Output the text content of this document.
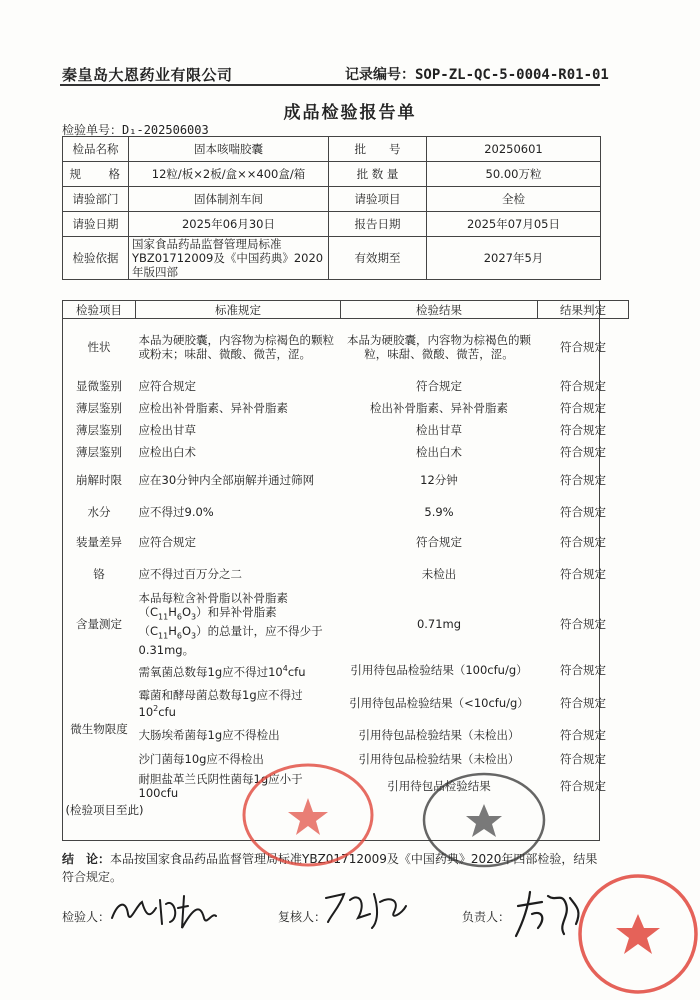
秦皇岛大恩药业有限公司	记录编号：SOP-ZL-QC-5-0004-R01-01
成品检验报告单
检验单号：D₁-202506003
检品名称	固本咳喘胶囊	批　　号	20250601
规　　格	12粒/板×2板/盒××400盒/箱	批 数 量	50.00万粒
请验部门	固体制剂车间	请验项目	全检
请验日期	2025年06月30日	报告日期	2025年07月05日
检验依据	国家食品药品监督管理局标准YBZ01712009及《中国药典》2020年版四部	有效期至	2027年5月
检验项目	标准规定	检验结果	结果判定
性状	本品为硬胶囊，内容物为棕褐色的颗粒或粉末；味甜、微酸、微苦，涩。	本品为硬胶囊，内容物为棕褐色的颗粒，味甜、微酸、微苦，涩。	符合规定
显微鉴别	应符合规定	符合规定	符合规定
薄层鉴别	应检出补骨脂素、异补骨脂素	检出补骨脂素、异补骨脂素	符合规定
薄层鉴别	应检出甘草	检出甘草	符合规定
薄层鉴别	应检出白术	检出白术	符合规定
崩解时限	应在30分钟内全部崩解并通过筛网	12分钟	符合规定
水分	应不得过9.0%	5.9%	符合规定
装量差异	应符合规定	符合规定	符合规定
铬	应不得过百万分之二	未检出	符合规定
含量测定	本品每粒含补骨脂以补骨脂素$(C_{11}H_6O_3)$和异补骨脂素$(C_{11}H_6O_3)$的总量计，应不得少于0.31mg。	0.71mg	符合规定
微生物限度	需氧菌总数每1g应不得过$10^4cfu$	引用待包品检验结果（100cfu/g）	符合规定
	霉菌和酵母菌总数每1g应不得过$10^2cfu$	引用待包品检验结果（<10cfu/g）	符合规定
	大肠埃希菌每1g应不得检出	引用待包品检验结果（未检出）	符合规定
	沙门菌每10g应不得检出	引用待包品检验结果（未检出）	符合规定
	耐胆盐革兰氏阴性菌每1g应小于100cfu	引用待包品检验结果	符合规定
(检验项目至此)			
结　论：本品按国家食品药品监督管理局标准YBZ01712009及《中国药典》2020年四部检验，结果符合规定。
检验人：	复核人：	负责人：
